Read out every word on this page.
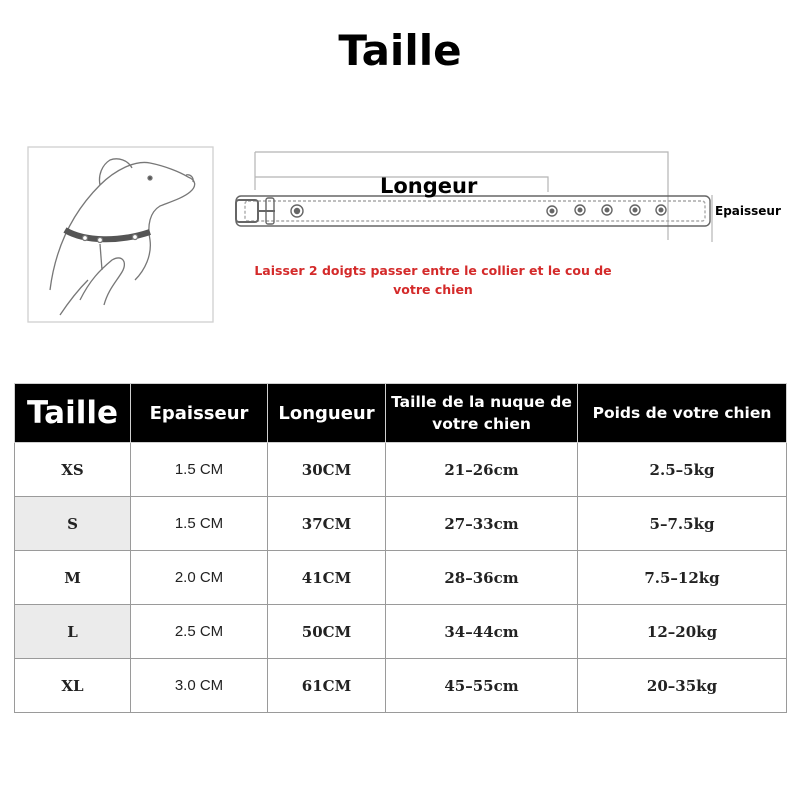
Taille
Longeur
Epaisseur
Laisser 2 doigts passer entre le collier et le cou de votre chien
Taille	Epaisseur	Longueur	Taille de la nuque de votre chien	Poids de votre chien
XS	1.5 CM	30CM	21–26cm	2.5–5kg
S	1.5 CM	37CM	27–33cm	5–7.5kg
M	2.0 CM	41CM	28–36cm	7.5–12kg
L	2.5 CM	50CM	34–44cm	12–20kg
XL	3.0 CM	61CM	45–55cm	20–35kg
